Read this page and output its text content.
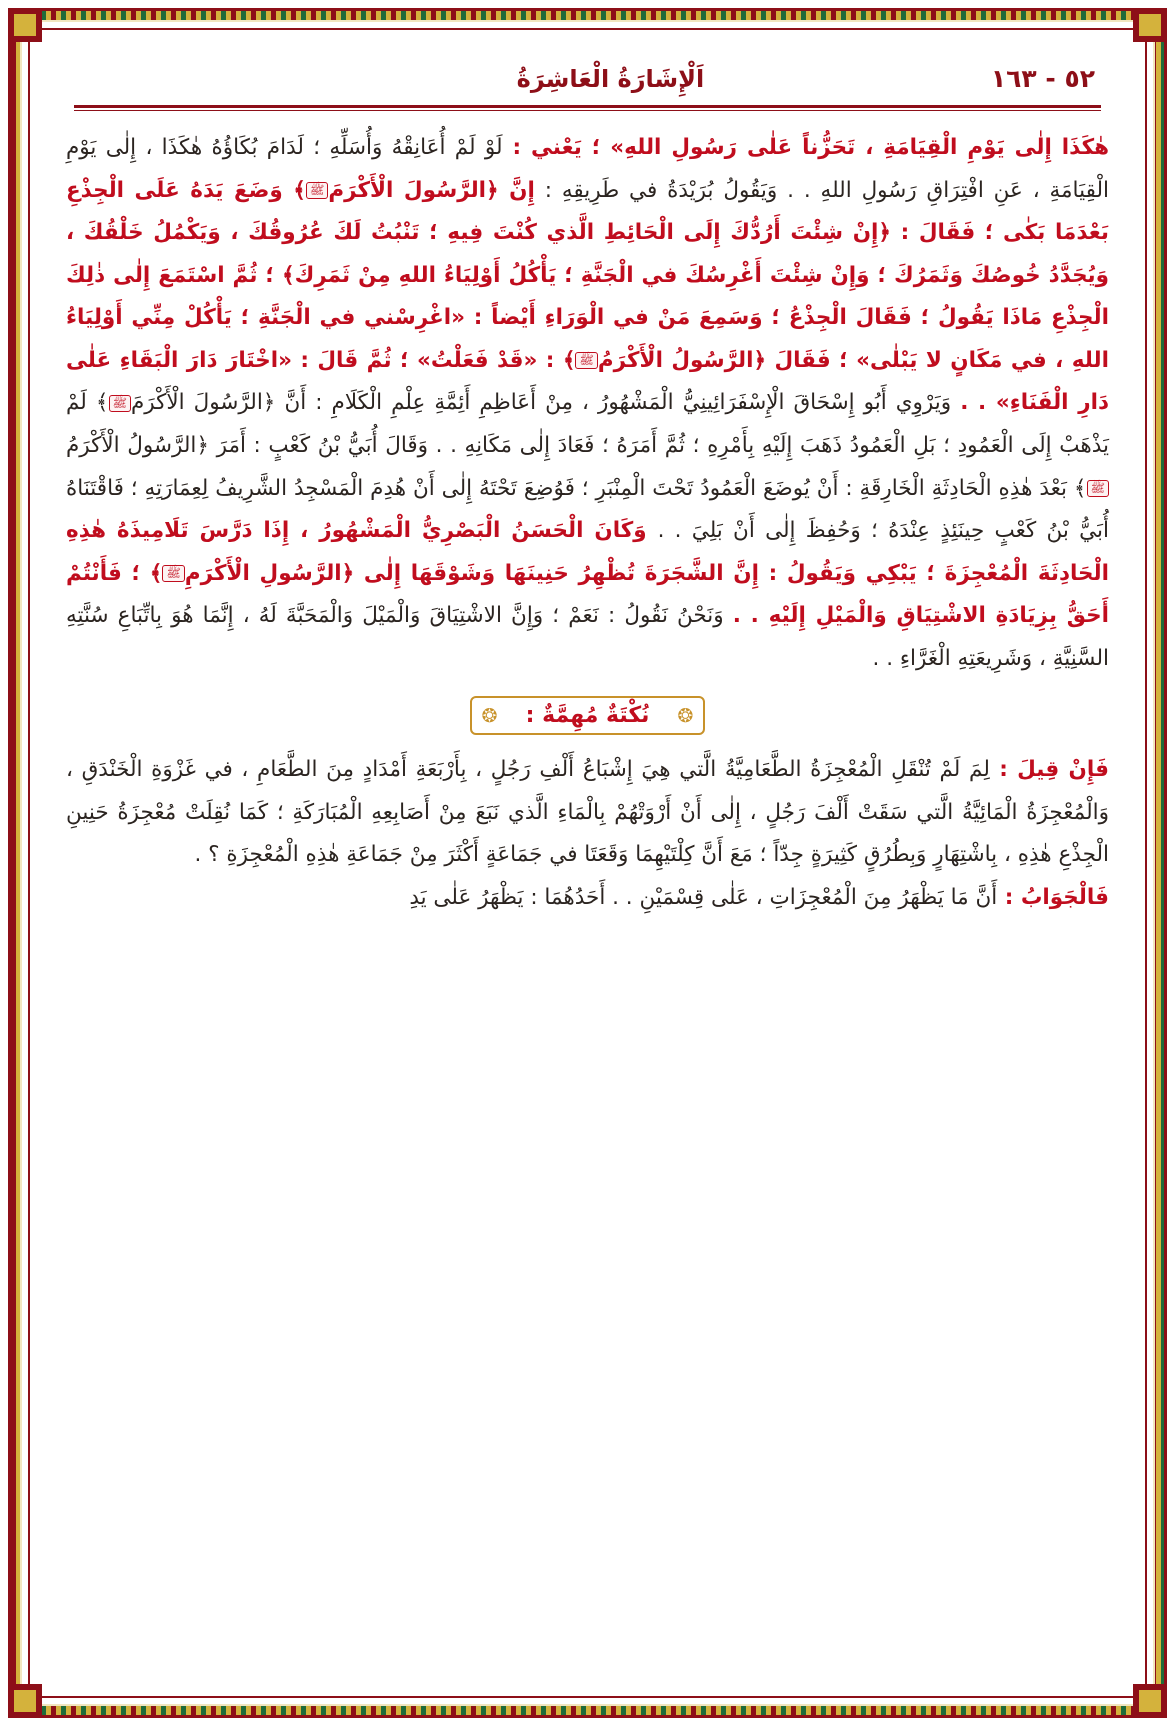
٥٢ - ١٦٣
اَلْإِشَارَةُ الْعَاشِرَةُ

هٰكَذَا إِلٰى يَوْمِ الْقِيَامَةِ ، تَحَزُّناً عَلٰى رَسُولِ اللهِ» ؛ يَعْني : لَوْ لَمْ أُعَانِقْهُ وَأُسَلِّهِ ؛ لَدَامَ بُكَاؤُهُ هٰكَذَا ، إِلٰى يَوْمِ الْقِيَامَةِ ، عَنِ افْتِرَاقِ رَسُولِ اللهِ . . وَيَقُولُ بُرَيْدَةُ في طَرِيقِهِ : إِنَّ ﴿الرَّسُولَ الْأَكْرَمَﷺ﴾ وَضَعَ يَدَهُ عَلَى الْجِذْعِ بَعْدَمَا بَكٰى ؛ فَقَالَ : ﴿إِنْ شِئْتَ أَرُدُّكَ إِلَى الْحَائِطِ الَّذي كُنْتَ فِيهِ ؛ تَنْبُتُ لَكَ عُرُوقُكَ ، وَيَكْمُلُ خَلْقُكَ ، وَيُجَدَّدُ خُوصُكَ وَثَمَرُكَ ؛ وَإِنْ شِئْتَ أَغْرِسُكَ في الْجَنَّةِ ؛ يَأْكُلُ أَوْلِيَاءُ اللهِ مِنْ ثَمَرِكَ﴾ ؛ ثُمَّ اسْتَمَعَ إِلٰى ذٰلِكَ الْجِذْعِ مَاذَا يَقُولُ ؛ فَقَالَ الْجِذْعُ ؛ وَسَمِعَ مَنْ في الْوَرَاءِ أَيْضاً : «اغْرِسْني في الْجَنَّةِ ؛ يَأْكُلْ مِنِّي أَوْلِيَاءُ اللهِ ، في مَكَانٍ لا يَبْلٰى» ؛ فَقَالَ ﴿الرَّسُولُ الْأَكْرَمُﷺ﴾ : «قَدْ فَعَلْتُ» ؛ ثُمَّ قَالَ : «اخْتَارَ دَارَ الْبَقَاءِ عَلٰى دَارِ الْفَنَاءِ» . . وَيَرْوِي أَبُو إِسْحَاقَ الْإِسْفَرَائِينِيُّ الْمَشْهُورُ ، مِنْ أَعَاظِمِ أَئِمَّةِ عِلْمِ الْكَلَامِ : أَنَّ ﴿الرَّسُولَ الْأَكْرَمَﷺ﴾ لَمْ يَذْهَبْ إِلَى الْعَمُودِ ؛ بَلِ الْعَمُودُ ذَهَبَ إِلَيْهِ بِأَمْرِهِ ؛ ثُمَّ أَمَرَهُ ؛ فَعَادَ إِلٰى مَكَانِهِ . . وَقَالَ أُبَيُّ بْنُ كَعْبٍ : أَمَرَ ﴿الرَّسُولُ الْأَكْرَمُﷺ﴾ بَعْدَ هٰذِهِ الْحَادِثَةِ الْخَارِقَةِ : أَنْ يُوضَعَ الْعَمُودُ تَحْتَ الْمِنْبَرِ ؛ فَوُضِعَ تَحْتَهُ إِلٰى أَنْ هُدِمَ الْمَسْجِدُ الشَّرِيفُ لِعِمَارَتِهِ ؛ فَاقْتَنَاهُ أُبَيُّ بْنُ كَعْبٍ حِينَئِذٍ عِنْدَهُ ؛ وَحُفِظَ إِلٰى أَنْ بَلِيَ . . وَكَانَ الْحَسَنُ الْبَصْرِيُّ الْمَشْهُورُ ، إِذَا دَرَّسَ تَلَامِيذَهُ هٰذِهِ الْحَادِثَةَ الْمُعْجِزَةَ ؛ يَبْكِي وَيَقُولُ : إِنَّ الشَّجَرَةَ تُظْهِرُ حَنِينَهَا وَشَوْقَهَا إِلٰى ﴿الرَّسُولِ الْأَكْرَمِﷺ﴾ ؛ فَأَنْتُمْ أَحَقُّ بِزِيَادَةِ الاشْتِيَاقِ وَالْمَيْلِ إِلَيْهِ . . وَنَحْنُ نَقُولُ : نَعَمْ ؛ وَإِنَّ الاشْتِيَاقَ وَالْمَيْلَ وَالْمَحَبَّةَ لَهُ ، إِنَّمَا هُوَ بِاتِّبَاعِ سُنَّتِهِ السَّنِيَّةِ ، وَشَرِيعَتِهِ الْغَرَّاءِ . .

❂ نُكْتَةٌ مُهِمَّةٌ : ❂

فَإِنْ قِيلَ : لِمَ لَمْ تُنْقَلِ الْمُعْجِزَةُ الطَّعَامِيَّةُ الَّتي هِيَ إِشْبَاعُ أَلْفِ رَجُلٍ ، بِأَرْبَعَةِ أَمْدَادٍ مِنَ الطَّعَامِ ، في غَزْوَةِ الْخَنْدَقِ ، وَالْمُعْجِزَةُ الْمَائِيَّةُ الَّتي سَقَتْ أَلْفَ رَجُلٍ ، إِلٰى أَنْ أَرْوَتْهُمْ بِالْمَاءِ الَّذي نَبَعَ مِنْ أَصَابِعِهِ الْمُبَارَكَةِ ؛ كَمَا نُقِلَتْ مُعْجِزَةُ حَنِينِ الْجِذْعِ هٰذِهِ ، بِاشْتِهَارٍ وَبِطُرُقٍ كَثِيرَةٍ جِدّاً ؛ مَعَ أَنَّ كِلْتَيْهِمَا وَقَعَتَا في جَمَاعَةٍ أَكْثَرَ مِنْ جَمَاعَةِ هٰذِهِ الْمُعْجِزَةِ ؟ .

فَالْجَوَابُ : أَنَّ مَا يَظْهَرُ مِنَ الْمُعْجِزَاتِ ، عَلٰى قِسْمَيْنِ . . أَحَدُهُمَا : يَظْهَرُ عَلٰى يَدِ
